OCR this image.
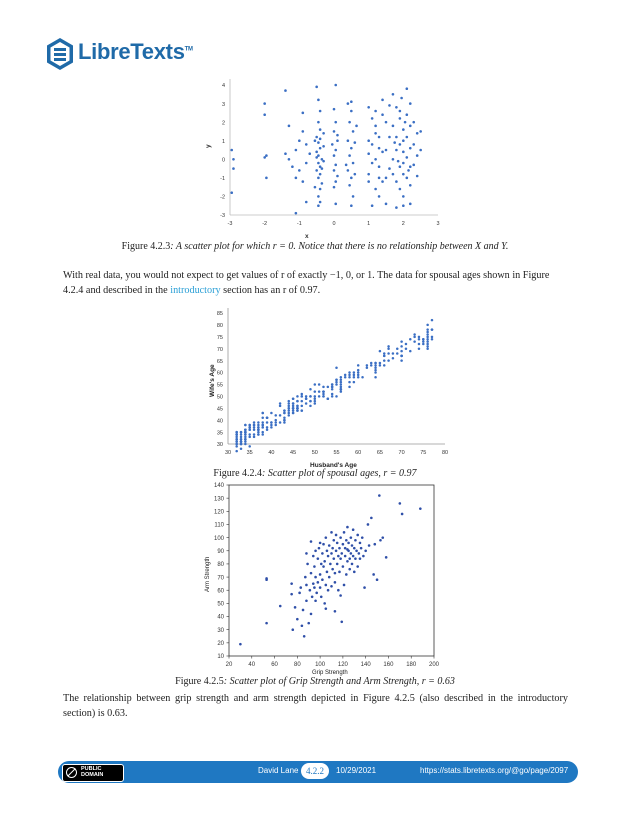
LibreTexts™
-3
-2
-1
0
1
2
3
4
-3	-2	-1	0	1	2	3
x
y
Figure 4.2.3: A scatter plot for which r = 0. Notice that there is no relationship between X and Y.
With real data, you would not expect to get values of r of exactly −1, 0, or 1. The data for spousal ages shown in Figure 4.2.4 and described in the introductory section has an r of 0.97.
30
35
40
45
50
55
60
65
70
75
80
85
30	35	40	45	50	55	60	65	70	75	80
Husband's Age
Wife's Age
Figure 4.2.4: Scatter plot of spousal ages, r = 0.97
10
20
30
40
50
60
70
80
90
100
110
120
130
140
20	40	60	80 100 120 140 160 180 200
Grip Strength
Arm Strength
Figure 4.2.5: Scatter plot of Grip Strength and Arm Strength, r = 0.63
The relationship between grip strength and arm strength depicted in Figure 4.2.5 (also described in the introductory
section) is 0.63.
PUBLIC
DOMAIN	David Lane 4.2.2	10/29/2021	https://stats.libretexts.org/@go/page/2097
